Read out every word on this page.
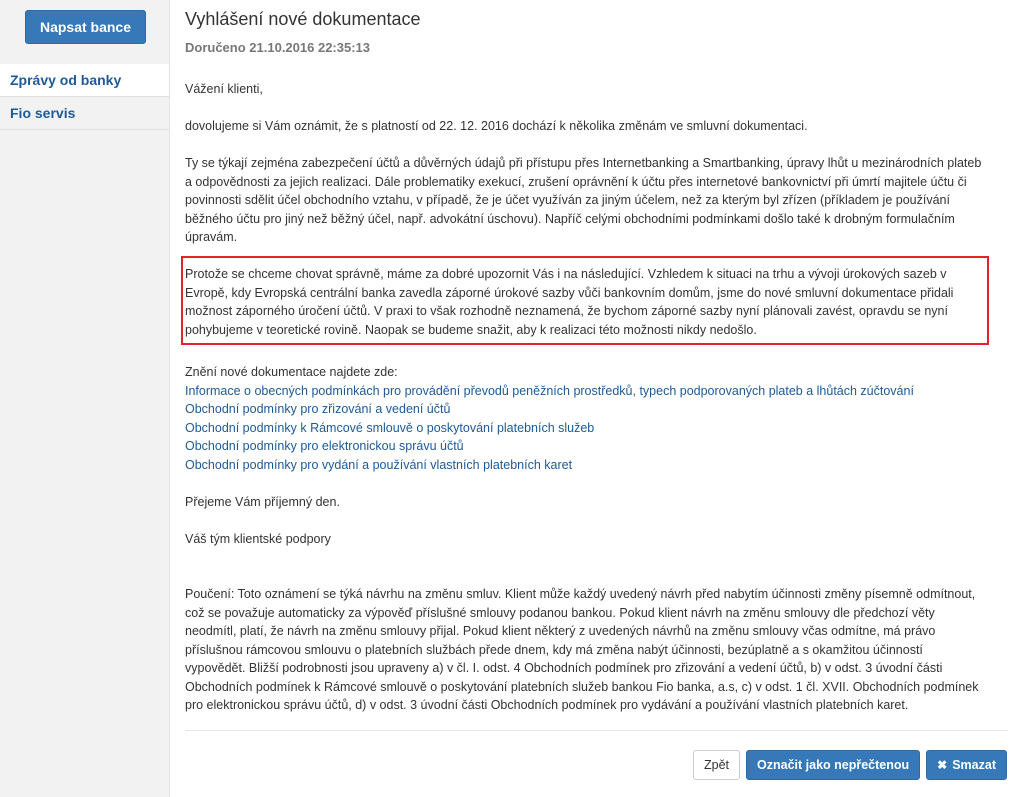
Napsat bance
Zprávy od banky
Fio servis
Vyhlášení nové dokumentace
Doručeno 21.10.2016 22:35:13

Vážení klienti,

dovolujeme si Vám oznámit, že s platností od 22. 12. 2016 dochází k několika změnám ve smluvní dokumentaci.

Ty se týkají zejména zabezpečení účtů a důvěrných údajů při přístupu přes Internetbanking a Smartbanking, úpravy lhůt u mezinárodních plateb a odpovědnosti za jejich realizaci. Dále problematiky exekucí, zrušení oprávnění k účtu přes internetové bankovnictví při úmrtí majitele účtu či povinnosti sdělit účel obchodního vztahu, v případě, že je účet využíván za jiným účelem, než za kterým byl zřízen (příkladem je používání běžného účtu pro jiný než běžný účel, např. advokátní úschovu). Napříč celými obchodními podmínkami došlo také k drobným formulačním úpravám.

Protože se chceme chovat správně, máme za dobré upozornit Vás i na následující. Vzhledem k situaci na trhu a vývoji úrokových sazeb v Evropě, kdy Evropská centrální banka zavedla záporné úrokové sazby vůči bankovním domům, jsme do nové smluvní dokumentace přidali možnost záporného úročení účtů. V praxi to však rozhodně neznamená, že bychom záporné sazby nyní plánovali zavést, opravdu se nyní pohybujeme v teoretické rovině. Naopak se budeme snažit, aby k realizaci této možnosti nikdy nedošlo.

Znění nové dokumentace najdete zde:

Informace o obecných podmínkách pro provádění převodů peněžních prostředků, typech podporovaných plateb a lhůtách zúčtování
Obchodní podmínky pro zřizování a vedení účtů
Obchodní podmínky k Rámcové smlouvě o poskytování platebních služeb
Obchodní podmínky pro elektronickou správu účtů
Obchodní podmínky pro vydání a používání vlastních platebních karet

Přejeme Vám příjemný den.

Váš tým klientské podpory

Poučení: Toto oznámení se týká návrhu na změnu smluv. Klient může každý uvedený návrh před nabytím účinnosti změny písemně odmítnout, což se považuje automaticky za výpověď příslušné smlouvy podanou bankou. Pokud klient návrh na změnu smlouvy dle předchozí věty neodmítl, platí, že návrh na změnu smlouvy přijal. Pokud klient některý z uvedených návrhů na změnu smlouvy včas odmítne, má právo příslušnou rámcovou smlouvu o platebních službách přede dnem, kdy má změna nabýt účinnosti, bezúplatně a s okamžitou účinností vypovědět. Bližší podrobnosti jsou upraveny a) v čl. I. odst. 4 Obchodních podmínek pro zřizování a vedení účtů, b) v odst. 3 úvodní části Obchodních podmínek k Rámcové smlouvě o poskytování platebních služeb bankou Fio banka, a.s, c) v odst. 1 čl. XVII. Obchodních podmínek pro elektronickou správu účtů, d) v odst. 3 úvodní části Obchodních podmínek pro vydávání a používání vlastních platebních karet.

Zpět	Označit jako nepřečtenou	✖ Smazat
